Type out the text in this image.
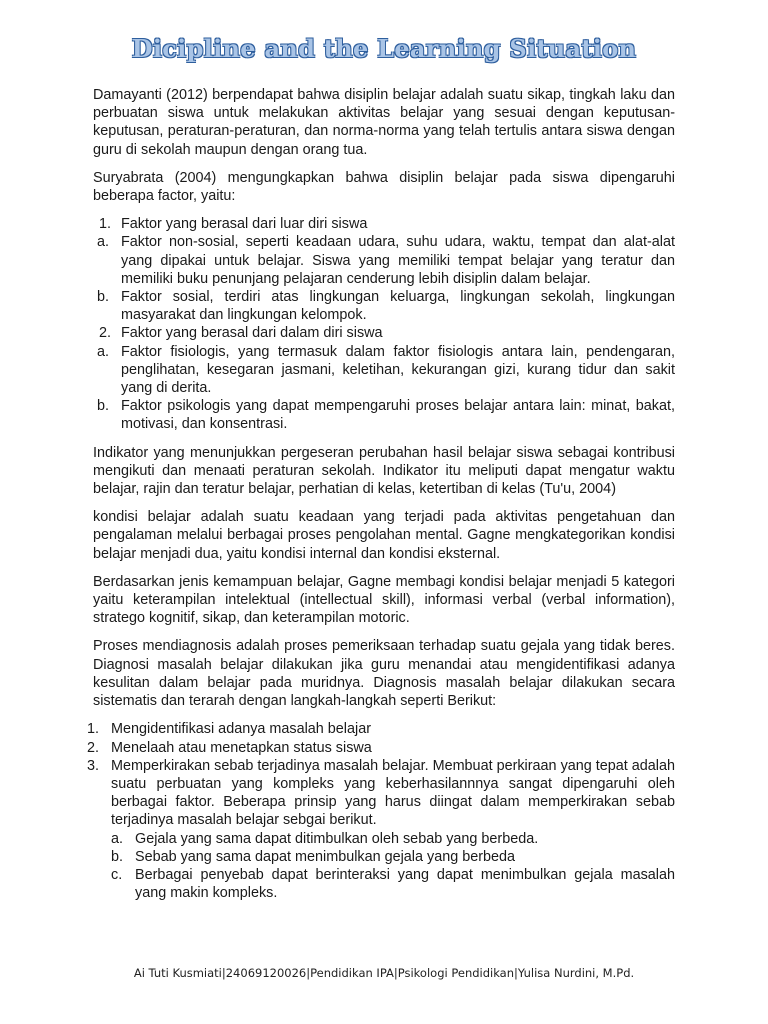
Dicipline and the Learning Situation

Damayanti (2012) berpendapat bahwa disiplin belajar adalah suatu sikap, tingkah laku dan perbuatan siswa untuk melakukan aktivitas belajar yang sesuai dengan keputusan-keputusan, peraturan-peraturan, dan norma-norma yang telah tertulis antara siswa dengan guru di sekolah maupun dengan orang tua.

Suryabrata (2004) mengungkapkan bahwa disiplin belajar pada siswa dipengaruhi beberapa factor, yaitu:

1. Faktor yang berasal dari luar diri siswa
a. Faktor non-sosial, seperti keadaan udara, suhu udara, waktu, tempat dan alat-alat yang dipakai untuk belajar. Siswa yang memiliki tempat belajar yang teratur dan memiliki buku penunjang pelajaran cenderung lebih disiplin dalam belajar.
b. Faktor sosial, terdiri atas lingkungan keluarga, lingkungan sekolah, lingkungan masyarakat dan lingkungan kelompok.
2. Faktor yang berasal dari dalam diri siswa
a. Faktor fisiologis, yang termasuk dalam faktor fisiologis antara lain, pendengaran, penglihatan, kesegaran jasmani, keletihan, kekurangan gizi, kurang tidur dan sakit yang di derita.
b. Faktor psikologis yang dapat mempengaruhi proses belajar antara lain: minat, bakat, motivasi, dan konsentrasi.

Indikator yang menunjukkan pergeseran perubahan hasil belajar siswa sebagai kontribusi mengikuti dan menaati peraturan sekolah. Indikator itu meliputi dapat mengatur waktu belajar, rajin dan teratur belajar, perhatian di kelas, ketertiban di kelas (Tu'u, 2004)

kondisi belajar adalah suatu keadaan yang terjadi pada aktivitas pengetahuan dan pengalaman melalui berbagai proses pengolahan mental. Gagne mengkategorikan kondisi belajar menjadi dua, yaitu kondisi internal dan kondisi eksternal.

Berdasarkan jenis kemampuan belajar, Gagne membagi kondisi belajar menjadi 5 kategori yaitu keterampilan intelektual (intellectual skill), informasi verbal (verbal information), stratego kognitif, sikap, dan keterampilan motoric.

Proses mendiagnosis adalah proses pemeriksaan terhadap suatu gejala yang tidak beres. Diagnosi masalah belajar dilakukan jika guru menandai atau mengidentifikasi adanya kesulitan dalam belajar pada muridnya. Diagnosis masalah belajar dilakukan secara sistematis dan terarah dengan langkah-langkah seperti Berikut:

1. Mengidentifikasi adanya masalah belajar
2. Menelaah atau menetapkan status siswa
3. Memperkirakan sebab terjadinya masalah belajar. Membuat perkiraan yang tepat adalah suatu perbuatan yang kompleks yang keberhasilannnya sangat dipengaruhi oleh berbagai faktor. Beberapa prinsip yang harus diingat dalam memperkirakan sebab terjadinya masalah belajar sebgai berikut.
a. Gejala yang sama dapat ditimbulkan oleh sebab yang berbeda.
b. Sebab yang sama dapat menimbulkan gejala yang berbeda
c. Berbagai penyebab dapat berinteraksi yang dapat menimbulkan gejala masalah yang makin kompleks.
Ai Tuti Kusmiati|24069120026|Pendidikan IPA|Psikologi Pendidikan|Yulisa Nurdini, M.Pd.
